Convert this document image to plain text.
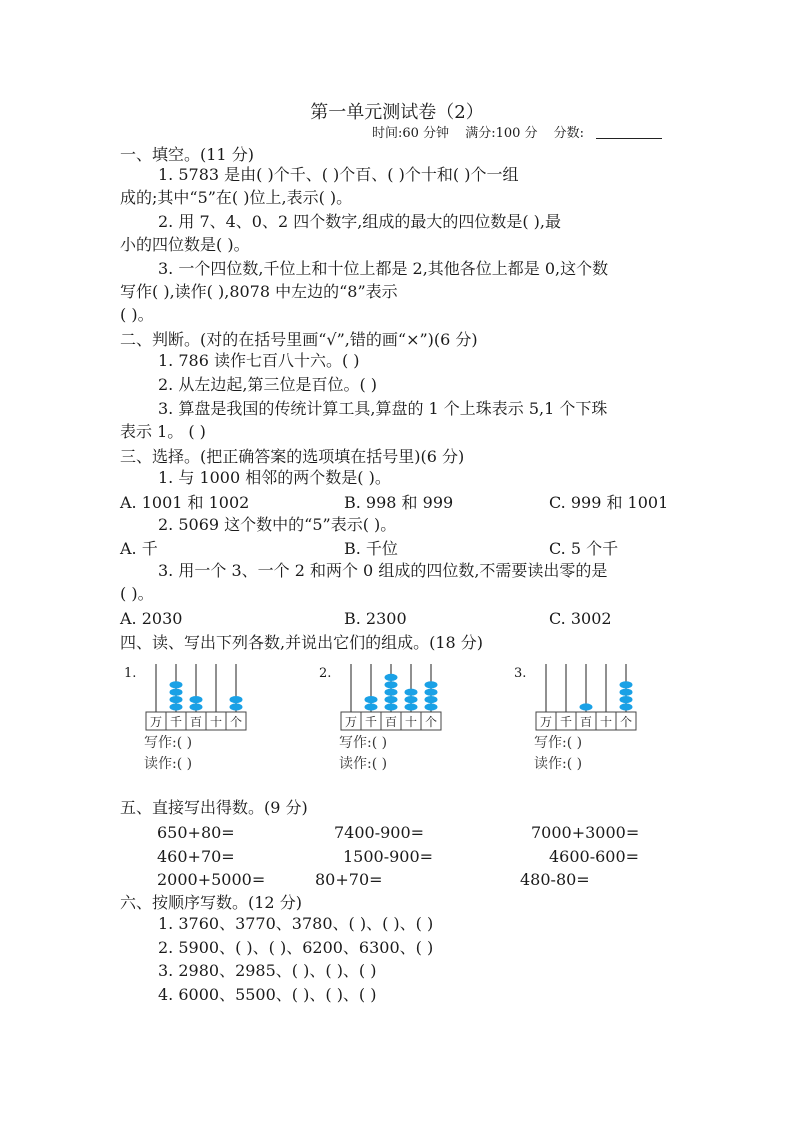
第一单元测试卷（2）
时间:60 分钟 满分:100 分 分数:
一、填空。(11 分)
1. 5783 是由( )个千、( )个百、( )个十和( )个一组
成的;其中“5”在( )位上,表示( )。
2. 用 7、4、0、2 四个数字,组成的最大的四位数是( ),最
小的四位数是( )。
3. 一个四位数,千位上和十位上都是 2,其他各位上都是 0,这个数
写作( ),读作( ),8078 中左边的“8”表示
( )。
二、判断。(对的在括号里画“√”,错的画“×”)(6 分)
1. 786 读作七百八十六。( )
2. 从左边起,第三位是百位。( )
3. 算盘是我国的传统计算工具,算盘的 1 个上珠表示 5,1 个下珠
表示 1。 ( )
三、选择。(把正确答案的选项填在括号里)(6 分)
1. 与 1000 相邻的两个数是( )。
A. 1001 和 1002	B. 998 和 999	C. 999 和 1001
2. 5069 这个数中的“5”表示( )。
A. 千	B. 千位	C. 5 个千
3. 用一个 3、一个 2 和两个 0 组成的四位数,不需要读出零的是
( )。
A. 2030	B. 2300	C. 3002
四、读、写出下列各数,并说出它们的组成。(18 分)
1.
万 千 百 十 个
写作:( )
读作:( )
2.
万 千 百 十 个
写作:( )
读作:( )
3.
万 千 百 十 个
写作:( )
读作:( )
五、直接写出得数。(9 分)
650+80=	7400-900=	7000+3000=
460+70=	1500-900=	4600-600=
2000+5000=	80+70=	480-80=
六、按顺序写数。(12 分)
1. 3760、3770、3780、( )、( )、( )
2. 5900、( )、( )、6200、6300、( )
3. 2980、2985、( )、( )、( )
4. 6000、5500、( )、( )、( )
